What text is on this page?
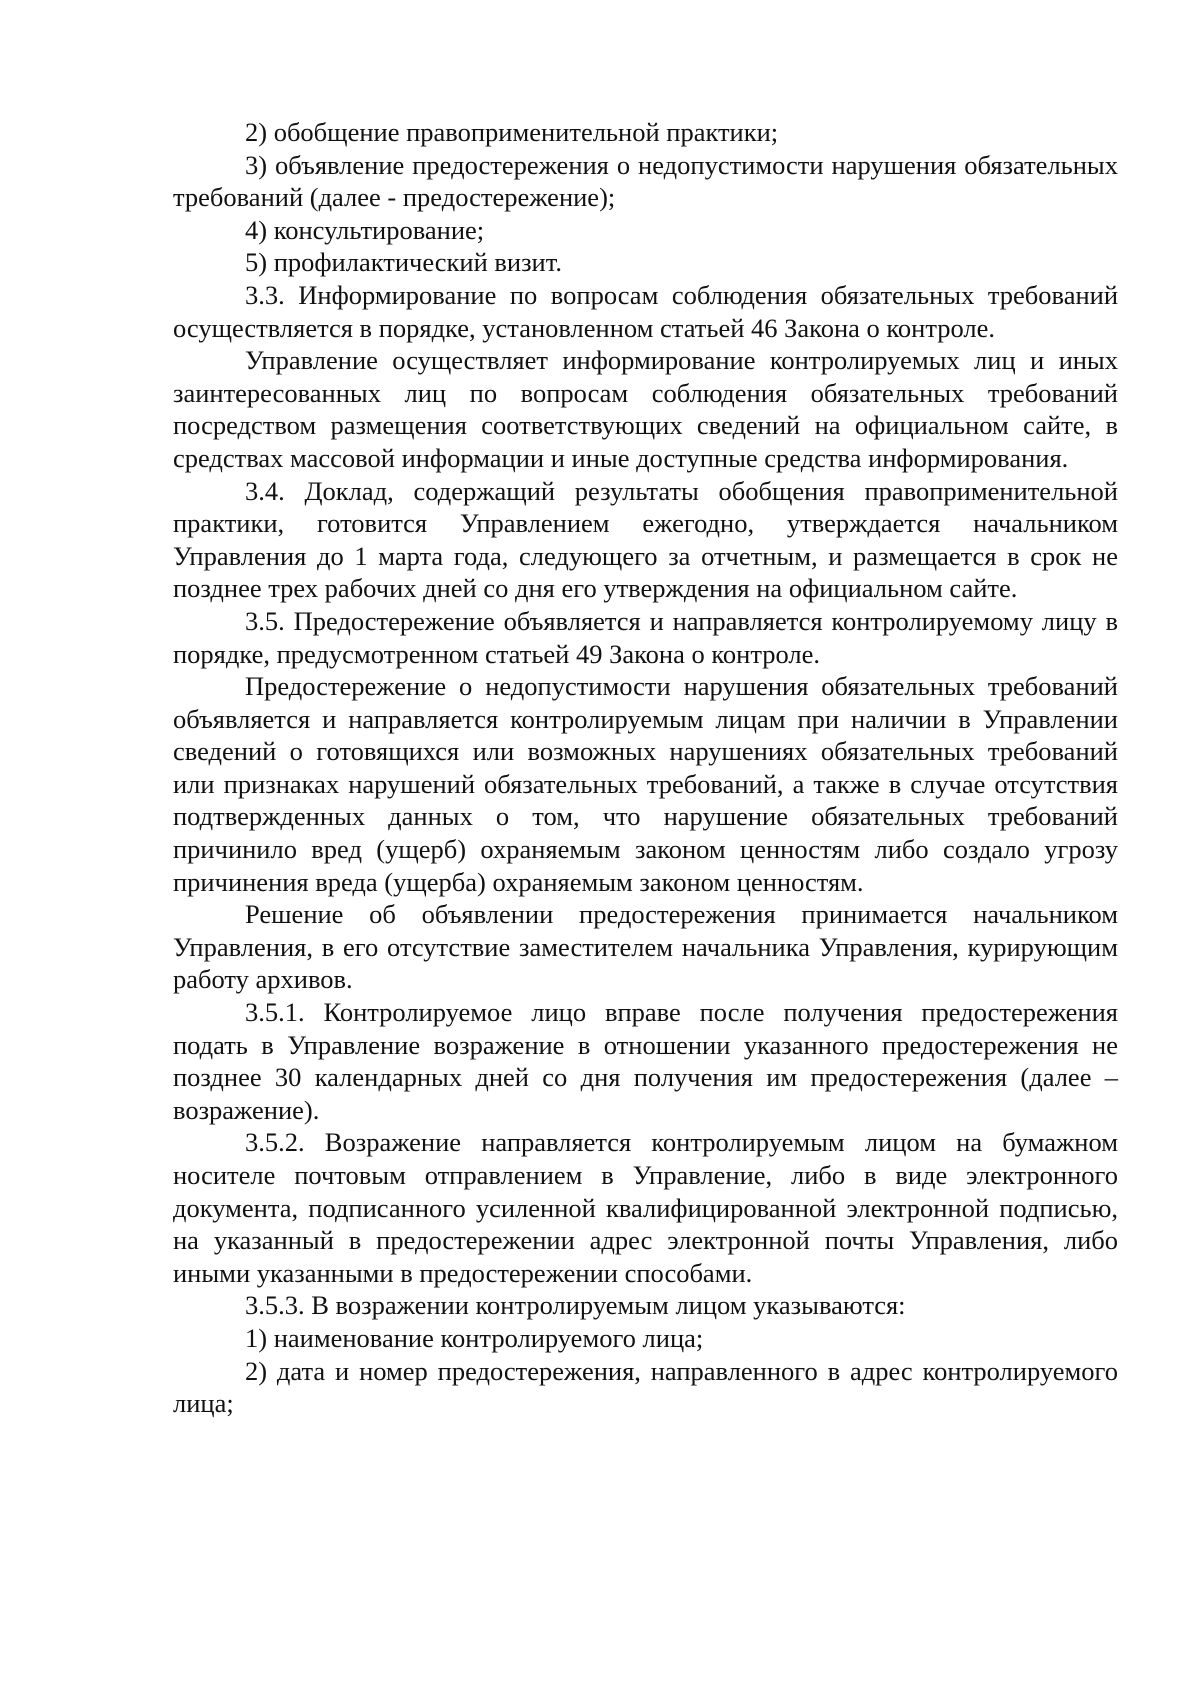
2) обобщение правоприменительной практики;

3) объявление предостережения о недопустимости нарушения обязательных требований (далее - предостережение);

4) консультирование;

5) профилактический визит.

3.3. Информирование по вопросам соблюдения обязательных требований осуществляется в порядке, установленном статьей 46 Закона о контроле.

Управление осуществляет информирование контролируемых лиц и иных заинтересованных лиц по вопросам соблюдения обязательных требований посредством размещения соответствующих сведений на официальном сайте, в средствах массовой информации и иные доступные средства информирования.

3.4. Доклад, содержащий результаты обобщения правоприменительной практики, готовится Управлением ежегодно, утверждается начальником Управления до 1 марта года, следующего за отчетным, и размещается в срок не позднее трех рабочих дней со дня его утверждения на официальном сайте.

3.5. Предостережение объявляется и направляется контролируемому лицу в порядке, предусмотренном статьей 49 Закона о контроле.

Предостережение о недопустимости нарушения обязательных требований объявляется и направляется контролируемым лицам при наличии в Управлении сведений о готовящихся или возможных нарушениях обязательных требований или признаках нарушений обязательных требований, а также в случае отсутствия подтвержденных данных о том, что нарушение обязательных требований причинило вред (ущерб) охраняемым законом ценностям либо создало угрозу причинения вреда (ущерба) охраняемым законом ценностям.

Решение об объявлении предостережения принимается начальником Управления, в его отсутствие заместителем начальника Управления, курирующим работу архивов.

3.5.1. Контролируемое лицо вправе после получения предостережения подать в Управление возражение в отношении указанного предостережения не позднее 30 календарных дней со дня получения им предостережения (далее – возражение).

3.5.2. Возражение направляется контролируемым лицом на бумажном носителе почтовым отправлением в Управление, либо в виде электронного документа, подписанного усиленной квалифицированной электронной подписью, на указанный в предостережении адрес электронной почты Управления, либо иными указанными в предостережении способами.

3.5.3. В возражении контролируемым лицом указываются:

1) наименование контролируемого лица;

2) дата и номер предостережения, направленного в адрес контролируемого лица;
